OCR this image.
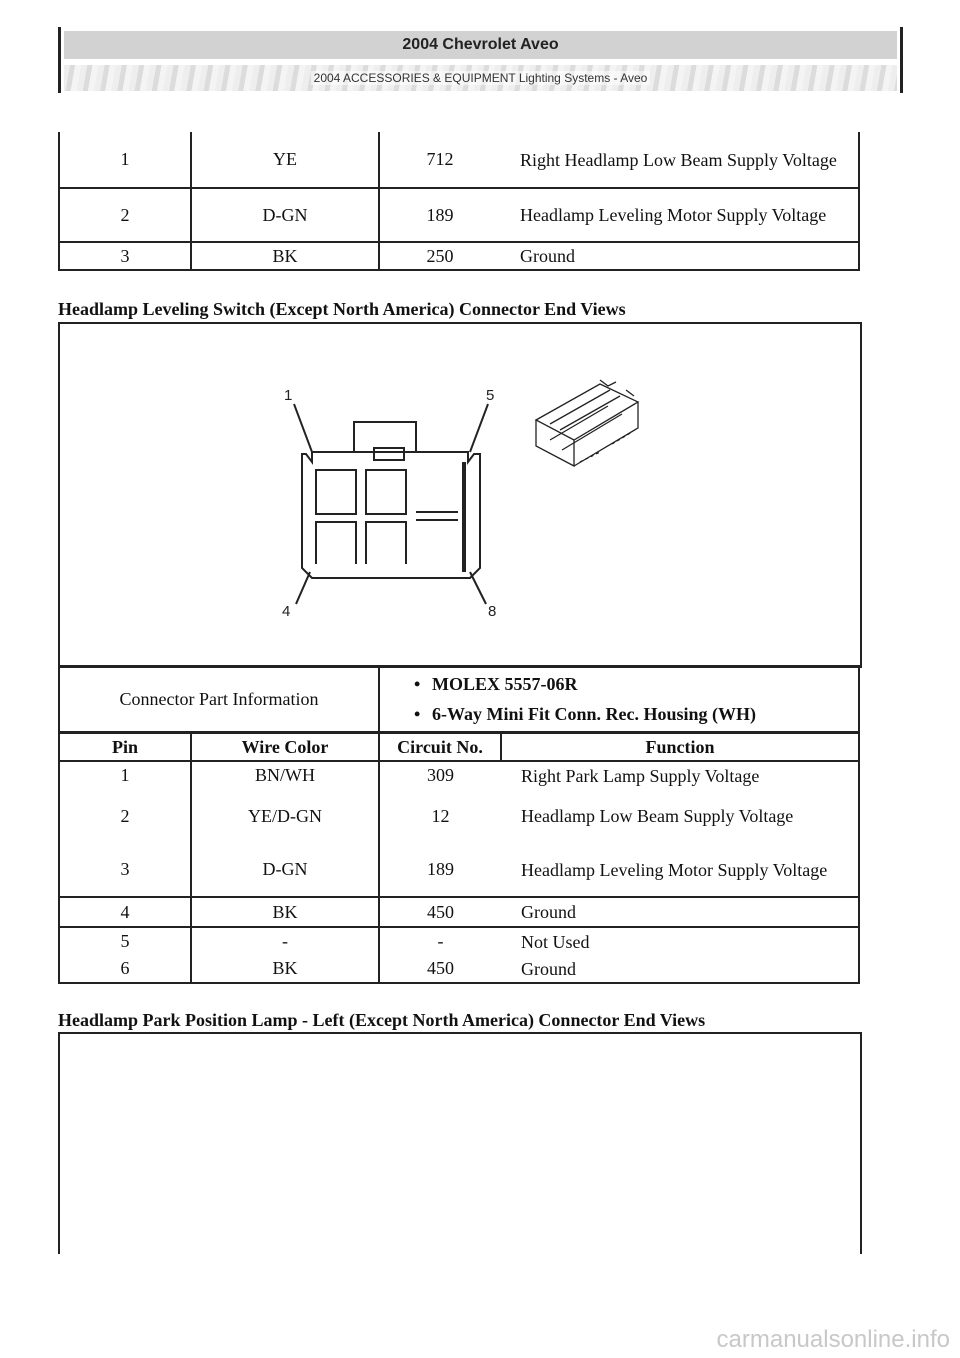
2004 Chevrolet Aveo
2004 ACCESSORIES & EQUIPMENT Lighting Systems - Aveo
1	YE	712	Right Headlamp Low Beam Supply Voltage
2	D-GN	189	Headlamp Leveling Motor Supply Voltage
3	BK	250	Ground
Headlamp Leveling Switch (Except North America) Connector End Views
1	5
4	8
Connector Part Information	
• MOLEX 5557-06R
• 6-Way Mini Fit Conn. Rec. Housing (WH)
Pin	Wire Color	Circuit No.	Function
1	BN/WH	309	Right Park Lamp Supply Voltage
2	YE/D-GN	12	Headlamp Low Beam Supply Voltage
3	D-GN	189	Headlamp Leveling Motor Supply Voltage
4	BK	450	Ground
5	-	-	Not Used
6	BK	450	Ground
Headlamp Park Position Lamp - Left (Except North America) Connector End Views
carmanualsonline.info
